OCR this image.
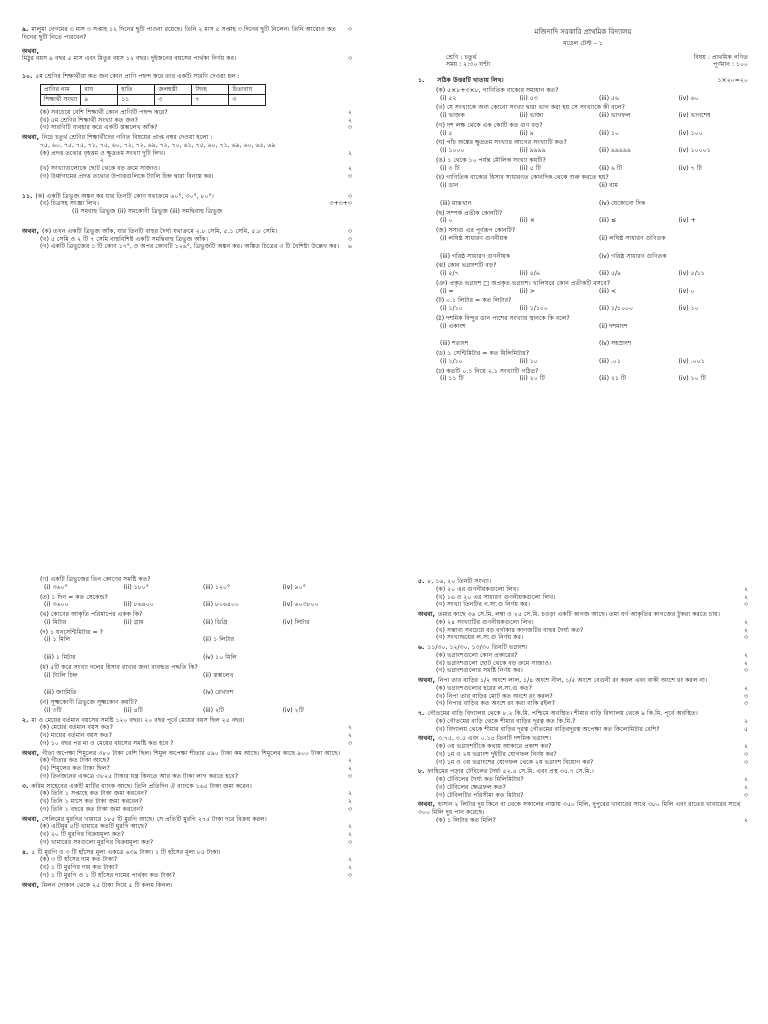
৯. মালুমা বেগমের ৩ মাস ৩ সপ্তাহ ১২ দিনের ছুটি পাওনা রয়েছে। তিনি ২ মাস ৫ সপ্তাহ ৩ দিনের ছুটি নিলেন। তিনি আরোও কত দিনের ছুটি নিতে পারবেন?
৩
অথবা,
মিঠুর বয়স ৯ বছর ৫ মাস এবং মিতুর বয়স ১২ বছর। দুইজনের বয়সের পার্থক্য নির্ণয় কর।	৩
১০. ৫ম শ্রেণির শিক্ষার্থীরা কত জন কোন প্রাণি পছন্দ করে তার একটি সারণি দেওয়া হল :
প্রাণির নাম	বাঘ	হাতি	জলহস্তী	সিংহ	চিতাবাঘ
শিক্ষার্থী সংখ্যা	৯	১১	৩	৭	৩
(ক) সবচেয়ে বেশি শিক্ষার্থী কোন প্রাণিটি পছন্দ করে?	২
(খ) ৫ম শ্রেণির শিক্ষার্থী সংখ্যা কত জন?	২
(গ) সারণিটি ব্যবহার করে একটি স্তম্ভলেখ আঁক?	৩
অথবা, নিচে চতুর্থ শ্রেণির শিক্ষার্থীদের গণিত বিষয়ের প্রাপ্ত নম্বর দেওয়া হলো :
৭৫, ৬০, ৭৫, ৭৫, ৭১, ৭৫, ৬০, ৭২, ৭২, ৬৯, ৭২, ৭০, ৬১, ৭৫, ৬০, ৭১, ৬৯, ৬০, ৬৫, ৬৯
(ক) প্রদত্ত তথ্যের বৃহত্তম ও ক্ষুদ্রতম সংখ্যা দুটি লিখ।	২
২
(খ) সংখ্যাগুলোকে ছোট থেকে বড় ক্রমে সাজাও।	২
(গ) উর্ধ্বগামের প্রদত্ত তথ্যের উপাত্তগুলিকে ট্যালি চিহ্ন দ্বারা বিন্যস্ত কর।	৩
১১. (ক) একটি ত্রিভুজ অঙ্কন কর যার তিনটি কোণ যথাক্রমে ৬০°, ৩০°, ৮০°।	৩
(খ) চিত্রসহ সংজ্ঞা লিখ।	৩+৩+৩
(i) সমবাহু ত্রিভুজ (ii) সমকোণী ত্রিভুজ (iii) সমদ্বিবাহু ত্রিভুজ
অথবা, (ক) তখন একটি ত্রিভুজ আঁক, যার তিনটি বাহুর দৈর্ঘ্য যথাক্রমে ২.৮ সেমি, ৫.১ সেমি, ৫.৮ সেমি।	৩
(খ) ৫ সেমি ও ২ টি ৭ সেমি বাহুবিশিষ্ট একটি সমদ্বিবাহু ত্রিভুজ আঁক।	৩
(গ) একটি ত্রিভুজের ১ টি কোণ ১৭°, ও অপর কোণটি ১২৬°, ত্রিভুজটি অঙ্কন কর। অঙ্কিত চিত্রের ৩ টি বৈশিষ্ট্য উল্লেখ কর। ৬
মজিদাদি সরকারি প্রাথমিক বিদ্যালয়
মডেল টেস্ট – ১
শ্রেণি : চতুর্থ	বিষয় : প্রাথমিক গণিত
সময় : ২:৩০ ঘণ্টা	পূর্ণমান : ১০০
১. সঠিক উত্তরটি খাতায় লিখ।	১×২০=২০
(ক) ৫×৮+৩×৮, গাণিতিক বাক্যের সমাধান কত?
(i) ৫২	(ii) ৫৩	(iii) ৫৬	(iv) ৬০
(খ) যে সংখ্যাকে অন্য কোনো সংখ্যা দ্বারা ভাগ করা হয় সে সংখ্যাকে কী বলে?
(i) ভাজক	(ii) ভাজ্য	(iii) ভাগফল	(iv) ভাগশেষ
(গ) দশ লক্ষ থেকে এক কোটি কত গুণ বড়?
(i) ৫	(ii) ৯	(iii) ১০	(iv) ১০০
(ঘ) পাঁচ অঙ্কের ক্ষুদ্রতম সংখ্যার আগের সংখ্যাটি কত?
(i) ১০০০	(ii) ৯৯৯৯	(iii) ৯৯৯৯৯	(iv) ১০০০১
(ঙ) ১ থেকে ১০ পর্যন্ত মৌলিক সংখ্যা কয়টি?
(i) ৩ টি	(ii) ৫ টি	(iii) ৬ টি	(iv) ৭ টি
(চ) গাণিতিক বাক্যের হিসাব সাধারণত কোনদিক থেকে শুরু করতে হয়?
(i) ডান	(ii) বাম
(iii) মাঝখান	(iv) যেকোনো দিক
(ছ) সম্পর্ক প্রতীক কোনটি?
(i) ০	(ii) ×	(iii) ≤	(iv) +
(জ) সসাগু এর পূর্ণরূপ কোনটি?
(i) লঘিষ্ঠ সাধারণ গুণনীয়ক	(ii) লঘিষ্ঠ সাধারণ গুণিতক
(iii) গরিষ্ঠ সাধারণ গুণনীয়ক	(iv) গরিষ্ঠ সাধারণ গুণিতক
(ঝ) কোন ভগ্নাংশটি বড়?
(i) ৫/৭	(ii) ৫/৬	(iii) ৫/৯	(iv) ৫/১১
(ঞ) প্রকৃত ভগ্নাংশ □ অপ্রকৃত ভগ্নাংশ। খালিঘরে কোন প্রতীকটি বসবে?
(i) =	(ii) >	(iii) <	(iv) ০
(ট) ০.১ লিটার = কত লিটার?
(i) ১/১০	(ii) ১/১০০	(iii) ১/১০০০	(iv) ১০
(ঠ) দশমিক বিন্দুর ডান পাশের সংখ্যার স্থানকে কি বলে?
(i) একাংশ	(ii) দশমাংশ
(iii) শতাংশ	(iv) সহস্রাংশ
(ড) ১ সেন্টিমিটার = কত মিলিমিটার?
(i) ১/১০	(ii) ১০	(iii) .০১	(iv) .০০১
(ঢ) কতটি ০.১ নিয়ে ২.১ সংখ্যাটি গঠিত?
(i) ১১ টি	(ii) ২০ টি	(iii) ২১ টি	(iv) ১০ টি
(ণ) একটি ত্রিভুজের তিন কোণের সমষ্টি কত?
(i) ৩৬০°	(ii) ১৮০°	(iii) ১২০°	(iv) ৯০°
(ত) ১ দিন = কত সেকেন্ড?
(i) ৩৬০০	(ii) ৮৬৪০০	(iii) ৮০৬৪০০	(iv) ৬০৩৮০০
(থ) কোণের আকৃতি পরিমাপের একক কি?
(i) মিটার	(ii) গ্রাম	(iii) ডিগ্রি	(iv) লিটার
(দ) ১ ঘনসেন্টিমিটার = ?
(i) ১ মিলি	(ii) ১ লিটার
(iii) ১ মিটার	(iv) ১০ মিলি
(ধ) ৫টি করে সংখ্যা দলের হিসাব রাখার জন্য ব্যবহৃত পদ্ধতি কি?
(i) ট্যালি চিহ্ন	(ii) স্তম্ভলেখ
(iii) জ্যামিতি	(iv) রেখাংশ
(ন) সূক্ষ্মকোণী ত্রিভুজে সূক্ষ্মকোণ কয়টি?
(i) ৩টি	(ii) ৪টি	(iii) ২টি	(iv) ২টি
২. মা ও মেয়ের বর্তমান বয়সের সমষ্টি ১২০ বছর। ২০ বছর পূর্বে মেয়ের বয়স ছিল ২৫ বছর।
(ক) মেয়ের বর্তমান বয়স কত?	২
(খ) মায়ের বর্তমান বয়স কত?	২
(গ) ১০ বছর পর মা ও মেয়ের বয়সের সমষ্টি কত হবে ?	৩
অথবা, গীতা অপেক্ষা শিমুলের ৩৮০ টাকা বেশি ছিল। শিমুল অপেক্ষা শীতার ৫৯০ টাকা কম আছে। শিমুলের কাছে ৯০০ টাকা আছে।
(ক) গীতার কত টাকা আছে?	২
(খ) শিমুলের কত টাকা ছিল?	২
(গ) তিনজনের একত্রে ৩৮২৫ টাকার যন্ত্র কিনতে আর কত টাকা লাগ করতে হবে?	৩
৩. করিম সাহেবের একটি মাটির ব্যাংক আছে। তিনি প্রতিদিন ঐ ব্যাংকে ১৬৫ টাকা জমা করেন।
(ক) তিনি ১ সপ্তাহে কত টাকা জমা করবেন?	২
(খ) তিনি ১ মাসে কত টাকা জমা করবেন?	২
(গ) তিনি ১ বছরে কত টাকা জমা করবেন?	৩
অথবা, সেলিমের মুরগির খামারে ১৮৫ টি মুরগি আছে। সে প্রতিটি মুরগি ২৭৫ টাকা দরে বিক্রয় করল।
(ক) এটিমুর ৫টি খামারে কতটি মুরগি আছে?	২
(খ) ২০ টি মুরগির বিক্রয়মূল্য কত?	২
(গ) খামারের সবগুলো মুরগির বিক্রয়মূল্য কত?	৩
৪. ৫ টি মুরগি ও ৩ টি হাঁসের মূল্য একত্রে ৬৩৯ টাকা। ১ টি হাঁসের মূল্য ৮৫ টাকা।
(ক) ৩ টি হাঁসের দাম কত টাকা?	২
(খ) ১ টি মুরগির দাম কত টাকা?	২
(গ) ১ টি মুরগি ও ১ টি হাঁসের দামের পার্থক্য কত টাকা?	৩
অথবা, মিলন দোকান থেকে ২৫ টাকা দিয়ে ৫ টি কলম কিনল।
৫. ৮, ১৬, ২০ তিনটি সংখ্যা।
(ক) ২০ এর গুণনীয়কগুলো লিখ।	২
(খ) ১৬ ও ২০ এর সাধারণ গুণনীয়কগুলো লিখ।	২
(গ) সংখ্যা তিনটির গ.সা.গু নির্ণয় কর।	৩
অথবা, তমার কাছে ৩৬ সে.মি. লম্বা ও ২৫ সে.মি. চওড়া একটি কাগজ আছে। তমা বর্গ আকৃতির কাগজের টুকরা করতে চায়।
(ক) ২৪ সংখ্যাটির গুণনীয়কগুলো লিখ।	২
(খ) সম্ভাব্য সবচেয়ে বড় বর্গাকার কাগজটির বাহুর দৈর্ঘ্য কত?	২
(গ) সংখ্যাদ্বয়ের ল.সা.গু নির্ণয় কর।	৩
৬. ১১/৩০, ১২/৩০, ১৩/৩০ তিনটি ভগ্নাংশ।
(ক) ভগ্নাংশগুলো কোন প্রকারের?	২
(খ) ভগ্নাংশগুলো ছোট থেকে বড় ক্রমে সাজাও।	২
(গ) ভগ্নাংশগুলোর সমষ্টি নির্ণয় কর।	৩
অথবা, নিপা তার বাড়ির ১/২ অংশে লাল, ১/৪ অংশে নীল, ১/৫ অংশে বেগুনী রং করল এবং বাকী অংশে রং করল না।
(ক) ভগ্নাংশগুলোর হরের ল.সা.গু কত?	২
(খ) নিপা তার বাড়ির মোট কত অংশে রং করল?	৩
(গ) নিপার বাড়ির কত অংশে রং করা বাকি রইল?	৩
৭. গৌতমের বাড়ি বিদ্যালয় থেকে ৮.২ কি.মি. পশ্চিমে অবস্থিত। শীমার বাড়ি বিদ্যালয় থেকে ৯ কি.মি. পূর্বে অবস্থিত।
(ক) গৌতমের বাড়ি থেকে শীমার বাড়ির দূরত্ব কত কি.মি.?	২
(খ) বিদ্যালয় থেকে শীমার বাড়ির দূরত্ব গৌতমের বাড়িরদূরত্ব অপেক্ষা কত কিলোমিটার বেশি?	৫
অথবা, ৩.৭৫, ৩.৫ এবং ০.১৫ তিনটি দশমিক ভগ্নাংশ।
(ক) ৩য় ভগ্নাংশটিকে কথায় আকারে প্রকাশ কর?	২
(খ) ১ম ও ২য় ভগ্নাংশ দুইটির যোগফল নির্ণয় কর?	৩
(গ) ১ম ও ৩য় ভগ্নাংশের যোগফল থেকে ২য় ভগ্নাংশ বিয়োগ কর?	৩
৮. ফাহিমের পড়ার টেবিলের দৈর্ঘ্য ৫২.৫ সে.মি. এবং প্রস্থ ৩৫.৭ সে.মি.।
(ক) টেবিলের দৈর্ঘ্য কত মিলিমিটার?	২
(খ) টেবিলের ক্ষেত্রফল কত?	২
(গ) টেবিলটির পরিসীমা কত মিটার?	৩
অথবা, হাসান ২ লিটার দুধ কিনে বা থেকে সকালের নাস্তায় ৩৫০ মিলি, দুপুরের খাবারের সাথে ৩৮০ মিলি এবং রাতের খাবারের সাথে ৩০০ মিলি দুধ পান করেছে।
(ক) ১ লিটার কত মিলি?	২
